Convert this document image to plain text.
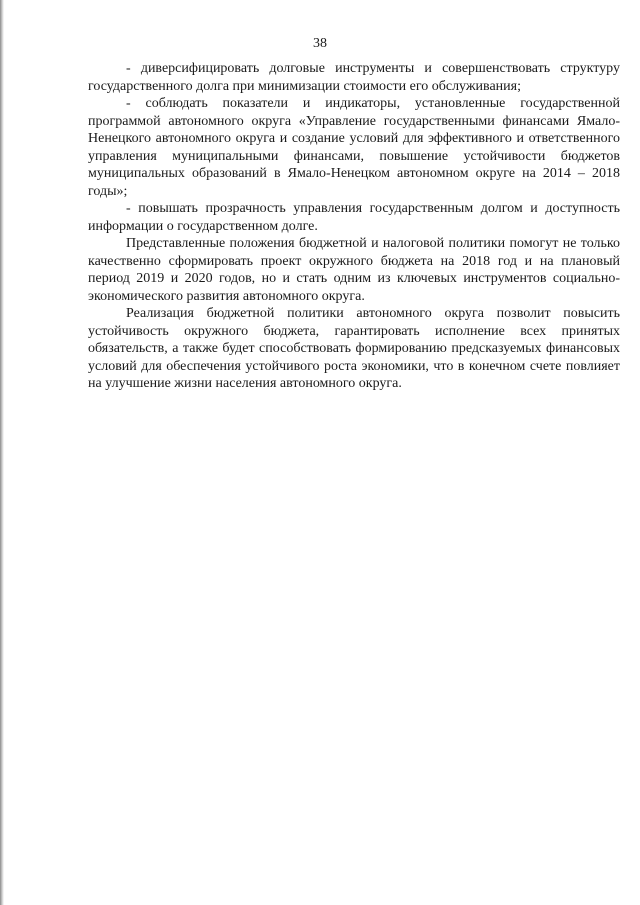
38

- диверсифицировать долговые инструменты и совершенствовать структуру государственного долга при минимизации стоимости его обслуживания;

- соблюдать показатели и индикаторы, установленные государственной программой автономного округа «Управление государственными финансами Ямало-Ненецкого автономного округа и создание условий для эффективного и ответственного управления муниципальными финансами, повышение устойчивости бюджетов муниципальных образований в Ямало-Ненецком автономном округе на 2014 – 2018 годы»;

- повышать прозрачность управления государственным долгом и доступность информации о государственном долге.

Представленные положения бюджетной и налоговой политики помогут не только качественно сформировать проект окружного бюджета на 2018 год и на плановый период 2019 и 2020 годов, но и стать одним из ключевых инструментов социально-экономического развития автономного округа.

Реализация бюджетной политики автономного округа позволит повысить устойчивость окружного бюджета, гарантировать исполнение всех принятых обязательств, а также будет способствовать формированию предсказуемых финансовых условий для обеспечения устойчивого роста экономики, что в конечном счете повлияет на улучшение жизни населения автономного округа.
